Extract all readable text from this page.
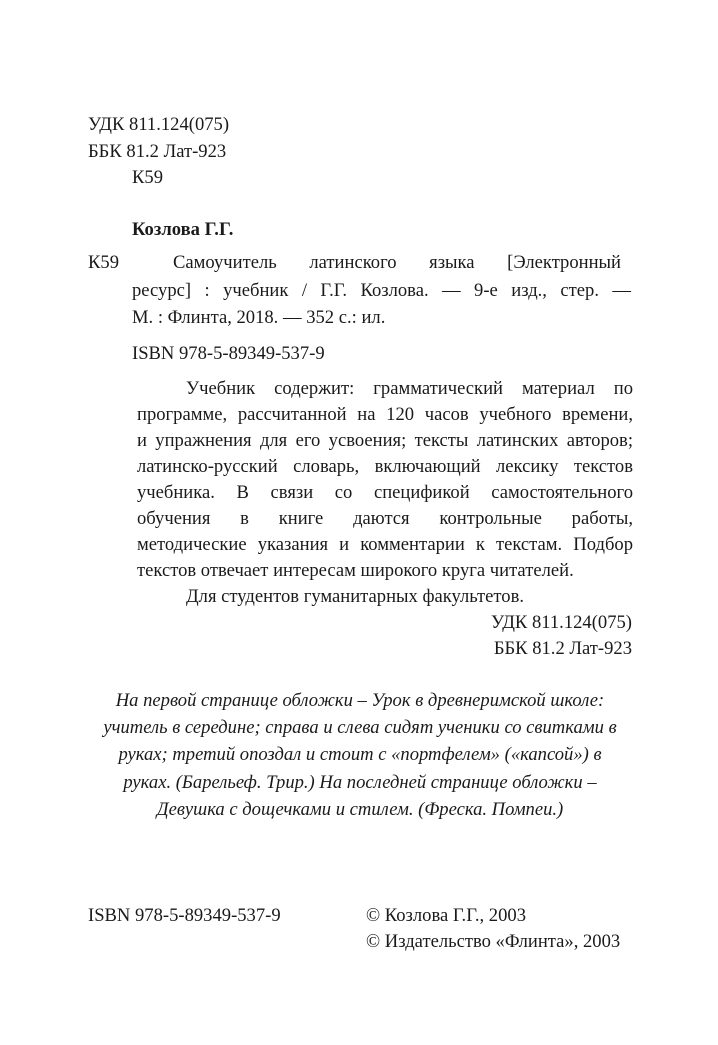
УДК 811.124(075)
ББК 81.2 Лат-923
К59
Козлова Г.Г.
К59	Самоучитель латинского языка [Электронный
ресурс] : учебник / Г.Г. Козлова. — 9-е изд., стер. —
М. : Флинта, 2018. — 352 с.: ил.
ISBN 978-5-89349-537-9
Учебник содержит: грамматический материал по
программе, рассчитанной на 120 часов учебного времени,
и упражнения для его усвоения; тексты латинских авторов;
латинско-русский словарь, включающий лексику текстов
учебника. В связи со спецификой самостоятельного
обучения в книге даются контрольные работы,
методические указания и комментарии к текстам. Подбор
текстов отвечает интересам широкого круга читателей.
Для студентов гуманитарных факультетов.
УДК 811.124(075)
ББК 81.2 Лат-923
На первой странице обложки – Урок в древнеримской школе:
учитель в середине; справа и слева сидят ученики со свитками в
руках; третий опоздал и стоит с «портфелем» («капсой») в
руках. (Барельеф. Трир.) На последней странице обложки –
Девушка с дощечками и стилем. (Фреска. Помпеи.)
ISBN 978-5-89349-537-9	© Козлова Г.Г., 2003
© Издательство «Флинта», 2003
